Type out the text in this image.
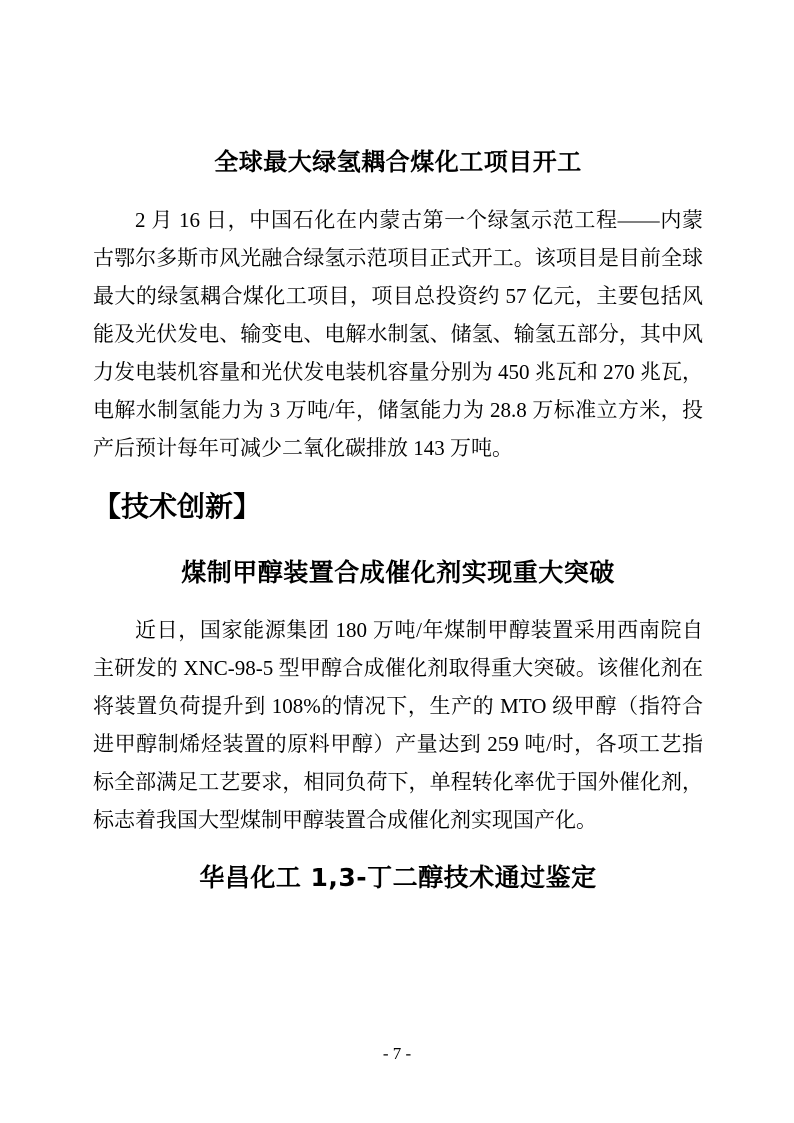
全球最大绿氢耦合煤化工项目开工
2 月 16 日，中国石化在内蒙古第一个绿氢示范工程——内蒙古鄂尔多斯市风光融合绿氢示范项目正式开工。该项目是目前全球最大的绿氢耦合煤化工项目，项目总投资约 57 亿元，主要包括风能及光伏发电、输变电、电解水制氢、储氢、输氢五部分，其中风力发电装机容量和光伏发电装机容量分别为 450 兆瓦和 270 兆瓦，电解水制氢能力为 3 万吨/年，储氢能力为 28.8 万标准立方米，投产后预计每年可减少二氧化碳排放 143 万吨。
【技术创新】
煤制甲醇装置合成催化剂实现重大突破
近日，国家能源集团 180 万吨/年煤制甲醇装置采用西南院自主研发的 XNC-98-5 型甲醇合成催化剂取得重大突破。该催化剂在将装置负荷提升到 108%的情况下，生产的 MTO 级甲醇（指符合进甲醇制烯烃装置的原料甲醇）产量达到 259 吨/时，各项工艺指标全部满足工艺要求，相同负荷下，单程转化率优于国外催化剂，标志着我国大型煤制甲醇装置合成催化剂实现国产化。
华昌化工 1,3-丁二醇技术通过鉴定
- 7 -
